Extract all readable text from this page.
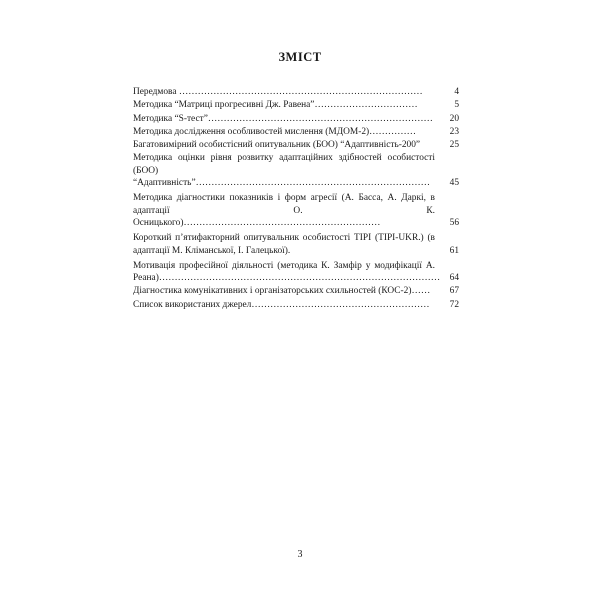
ЗМІСТ
Передмова ……………………………………………………………………	4
Методика “Матриці прогресивні Дж. Равена”……………………………	5
Методика “S-тест”………………………………………………………………	20
Методика дослідження особливостей мислення (МДОМ-2)……………	23
Багатовимірний особистісний опитувальник (БОО) “Адаптивність-200”	25
Методика оцінки рівня розвитку адаптаційних здібностей особистості (БОО) “Адаптивність”…………………………………………………………………	45
Методика діагностики показників і форм агресії (А. Басса, А. Даркі, в адаптації О. К. Осницького)………………………………………………………	56
Короткий п’ятифакторний опитувальник особистості TIPI (TIPI-UKR.) (в адаптації М. Кліманської, І. Галецької).	61
Мотивація професійної діяльності (методика К. Замфір у модифікації А. Реана)………………………………………………………………………………	64
Діагностика комунікативних і організаторських схильностей (КОС-2)……	67
Список використаних джерел…………………………………………………	72
3
